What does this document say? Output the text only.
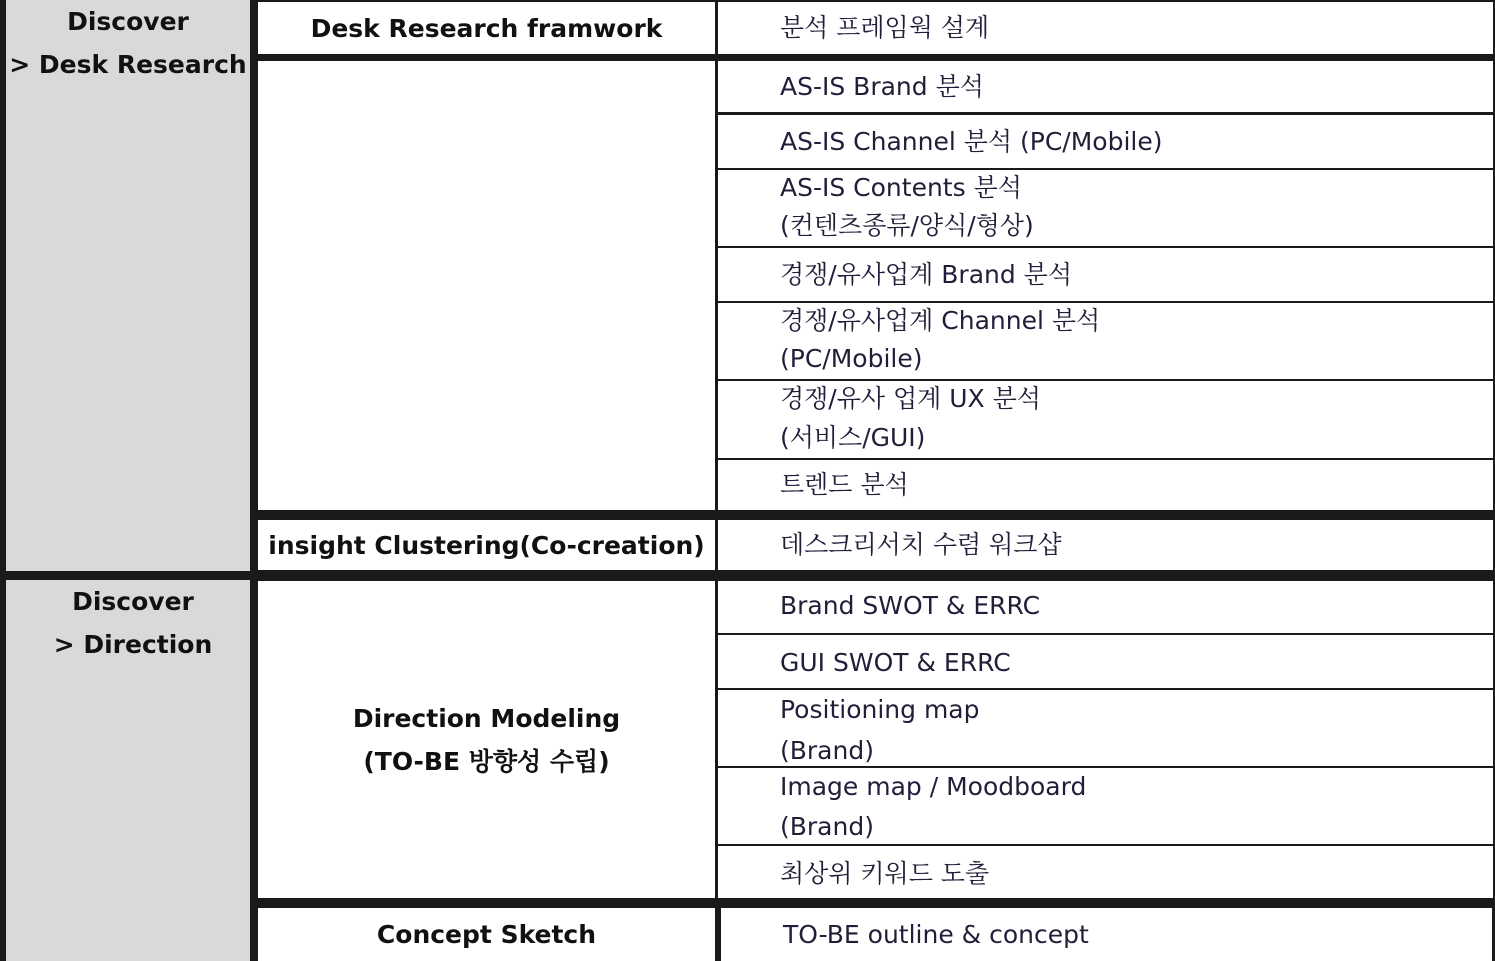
Discover
> Desk Research
Discover
> Direction
Desk Research framwork
insight Clustering(Co-creation)
Direction Modeling
(TO-BE 방향성 수립)
Concept Sketch
분석 프레임웍 설계
AS-IS Brand 분석
AS-IS Channel 분석 (PC/Mobile)
AS-IS Contents 분석
(컨텐츠종류/양식/형상)
경쟁/유사업계 Brand 분석
경쟁/유사업계 Channel 분석
(PC/Mobile)
경쟁/유사 업계 UX 분석
(서비스/GUI)
트렌드 분석
데스크리서치 수렴 워크샵
Brand SWOT & ERRC
GUI SWOT & ERRC
Positioning map
(Brand)
Image map / Moodboard
(Brand)
최상위 키워드 도출
TO-BE outline & concept
